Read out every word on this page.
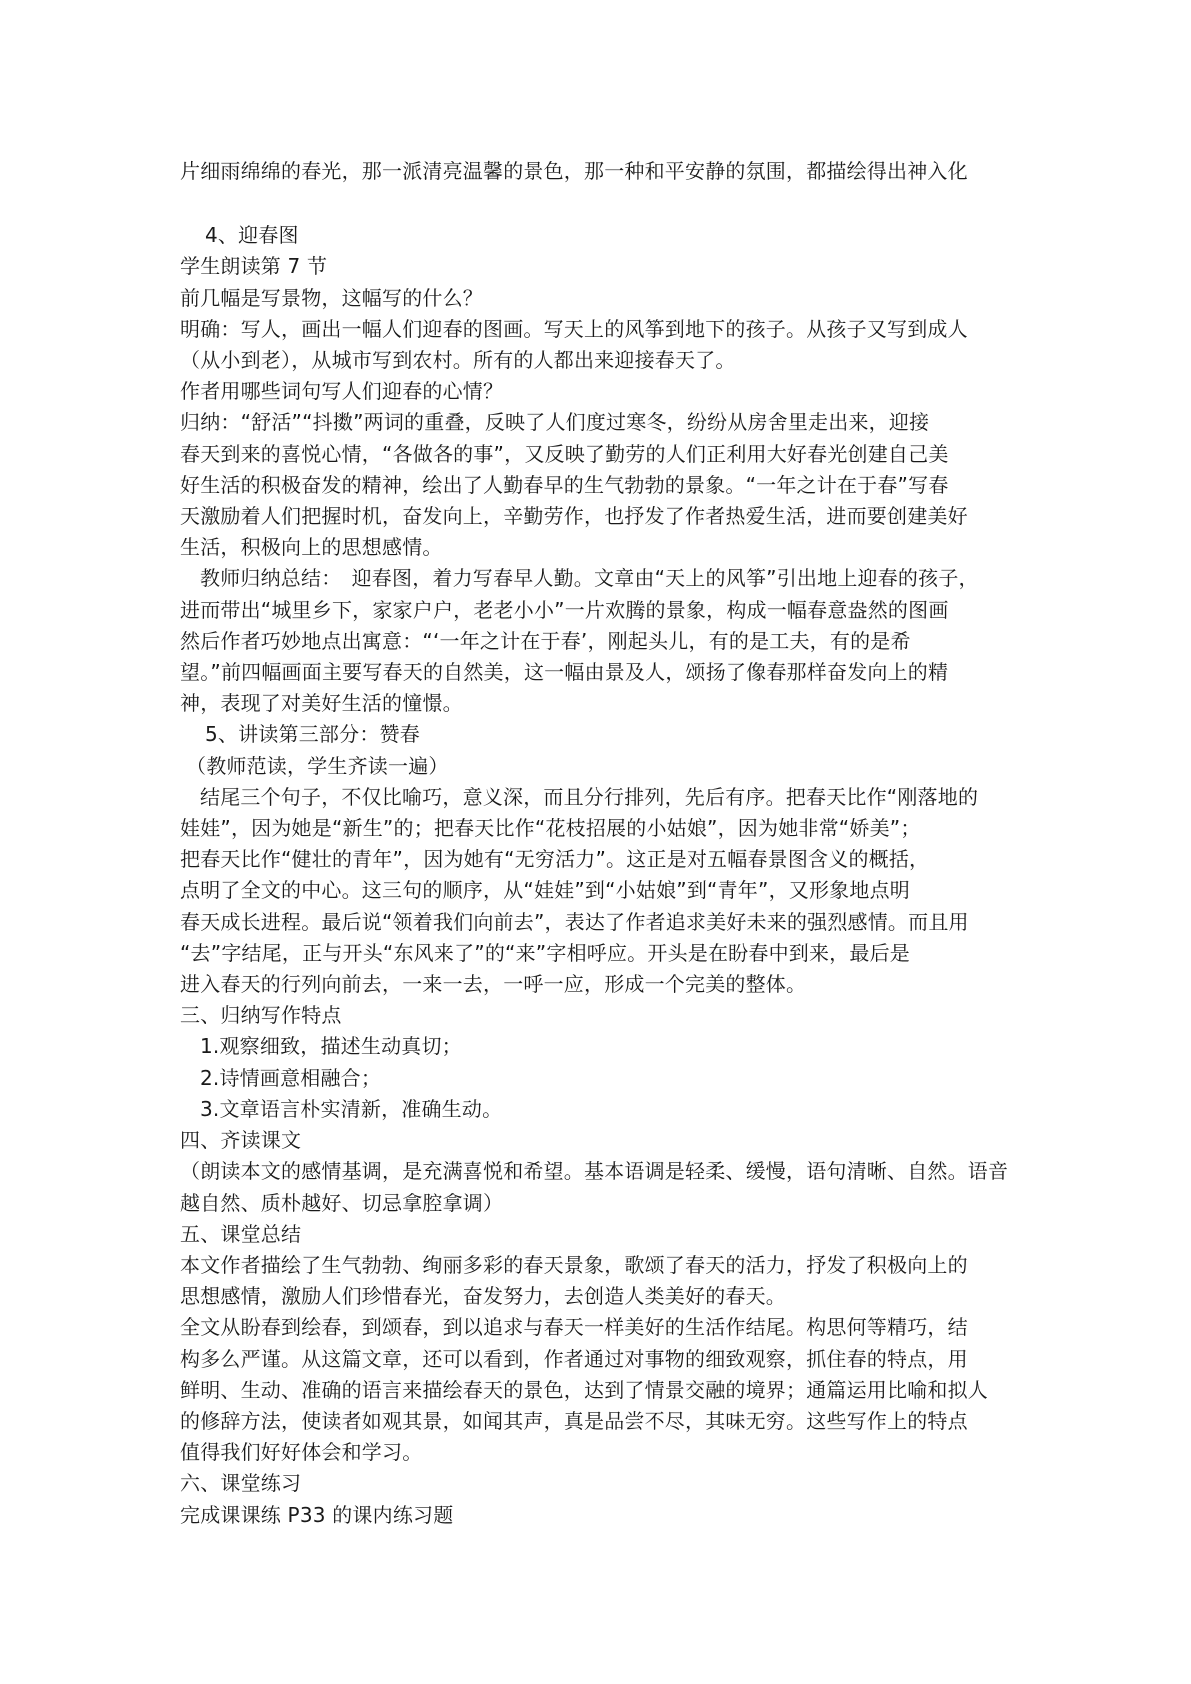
片细雨绵绵的春光，那一派清亮温馨的景色，那一种和平安静的氛围，都描绘得出神入化
4、迎春图
学生朗读第 7 节
前几幅是写景物，这幅写的什么？
明确：写人，画出一幅人们迎春的图画。写天上的风筝到地下的孩子。从孩子又写到成人
（从小到老），从城市写到农村。所有的人都出来迎接春天了。
作者用哪些词句写人们迎春的心情？
归纳：“舒活”“抖擞”两词的重叠，反映了人们度过寒冬，纷纷从房舍里走出来，迎接
春天到来的喜悦心情，“各做各的事”，又反映了勤劳的人们正利用大好春光创建自己美
好生活的积极奋发的精神，绘出了人勤春早的生气勃勃的景象。“一年之计在于春”写春
天激励着人们把握时机，奋发向上，辛勤劳作，也抒发了作者热爱生活，进而要创建美好
生活，积极向上的思想感情。
教师归纳总结：　迎春图，着力写春早人勤。文章由“天上的风筝”引出地上迎春的孩子，
进而带出“城里乡下，家家户户，老老小小”一片欢腾的景象，构成一幅春意盎然的图画
然后作者巧妙地点出寓意：“‘一年之计在于春’，刚起头儿，有的是工夫，有的是希
望。”前四幅画面主要写春天的自然美，这一幅由景及人，颂扬了像春那样奋发向上的精
神，表现了对美好生活的憧憬。
5、讲读第三部分：赞春
（教师范读，学生齐读一遍）
结尾三个句子，不仅比喻巧，意义深，而且分行排列，先后有序。把春天比作“刚落地的
娃娃”，因为她是“新生”的；把春天比作“花枝招展的小姑娘”，因为她非常“娇美”；
把春天比作“健壮的青年”，因为她有“无穷活力”。这正是对五幅春景图含义的概括，
点明了全文的中心。这三句的顺序，从“娃娃”到“小姑娘”到“青年”，又形象地点明
春天成长进程。最后说“领着我们向前去”，表达了作者追求美好未来的强烈感情。而且用
“去”字结尾，正与开头“东风来了”的“来”字相呼应。开头是在盼春中到来，最后是
进入春天的行列向前去，一来一去，一呼一应，形成一个完美的整体。
三、归纳写作特点
1.观察细致，描述生动真切；
2.诗情画意相融合；
3.文章语言朴实清新，准确生动。
四、齐读课文
（朗读本文的感情基调，是充满喜悦和希望。基本语调是轻柔、缓慢，语句清晰、自然。语音
越自然、质朴越好、切忌拿腔拿调）
五、课堂总结
本文作者描绘了生气勃勃、绚丽多彩的春天景象，歌颂了春天的活力，抒发了积极向上的
思想感情，激励人们珍惜春光，奋发努力，去创造人类美好的春天。
全文从盼春到绘春，到颂春，到以追求与春天一样美好的生活作结尾。构思何等精巧，结
构多么严谨。从这篇文章，还可以看到，作者通过对事物的细致观察，抓住春的特点，用
鲜明、生动、准确的语言来描绘春天的景色，达到了情景交融的境界；通篇运用比喻和拟人
的修辞方法，使读者如观其景，如闻其声，真是品尝不尽，其味无穷。这些写作上的特点
值得我们好好体会和学习。
六、课堂练习
完成课课练 P33 的课内练习题
